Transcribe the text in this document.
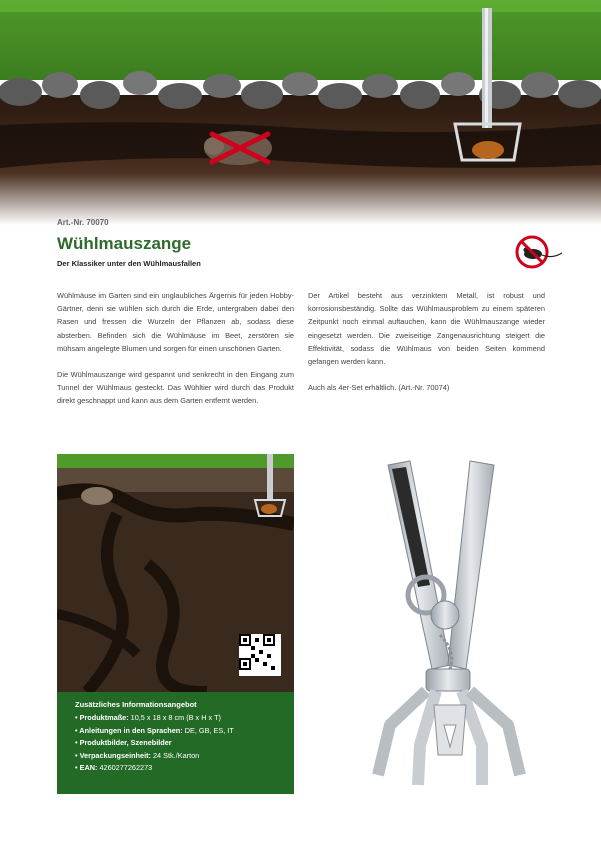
Art.-Nr. 70070
Wühlmauszange
Der Klassiker unter den Wühlmausfallen

Wühlmäuse im Garten sind ein unglaubliches Ärgernis für jeden Hobby-Gärtner, denn sie wühlen sich durch die Erde, untergraben dabei den Rasen und fressen die Wurzeln der Pflanzen ab, sodass diese absterben. Befinden sich die Wühlmäuse im Beet, zerstören sie mühsam angelegte Blumen und sorgen für einen unschönen Garten.

Die Wühlmauszange wird gespannt und senkrecht in den Eingang zum Tunnel der Wühlmaus gesteckt. Das Wühltier wird durch das Produkt direkt geschnappt und kann aus dem Garten entfernt werden.

Der Artikel besteht aus verzinktem Metall, ist robust und korrosionsbeständig. Sollte das Wühlmausproblem zu einem späteren Zeitpunkt noch einmal auftauchen, kann die Wühlmauszange wieder eingesetzt werden. Die zweiseitige Zangenausrichtung steigert die Effektivität, sodass die Wühlmaus von beiden Seiten kommend gefangen werden kann.

Auch als 4er-Set erhältlich. (Art.-Nr. 70074)

Zusätzliches Informationsangebot
• Produktmaße: 10,5 x 18 x 8 cm (B x H x T)
• Anleitungen in den Sprachen: DE, GB, ES, IT
• Produktbilder, Szenebilder
• Verpackungseinheit: 24 Stk./Karton
• EAN: 4260277262273
